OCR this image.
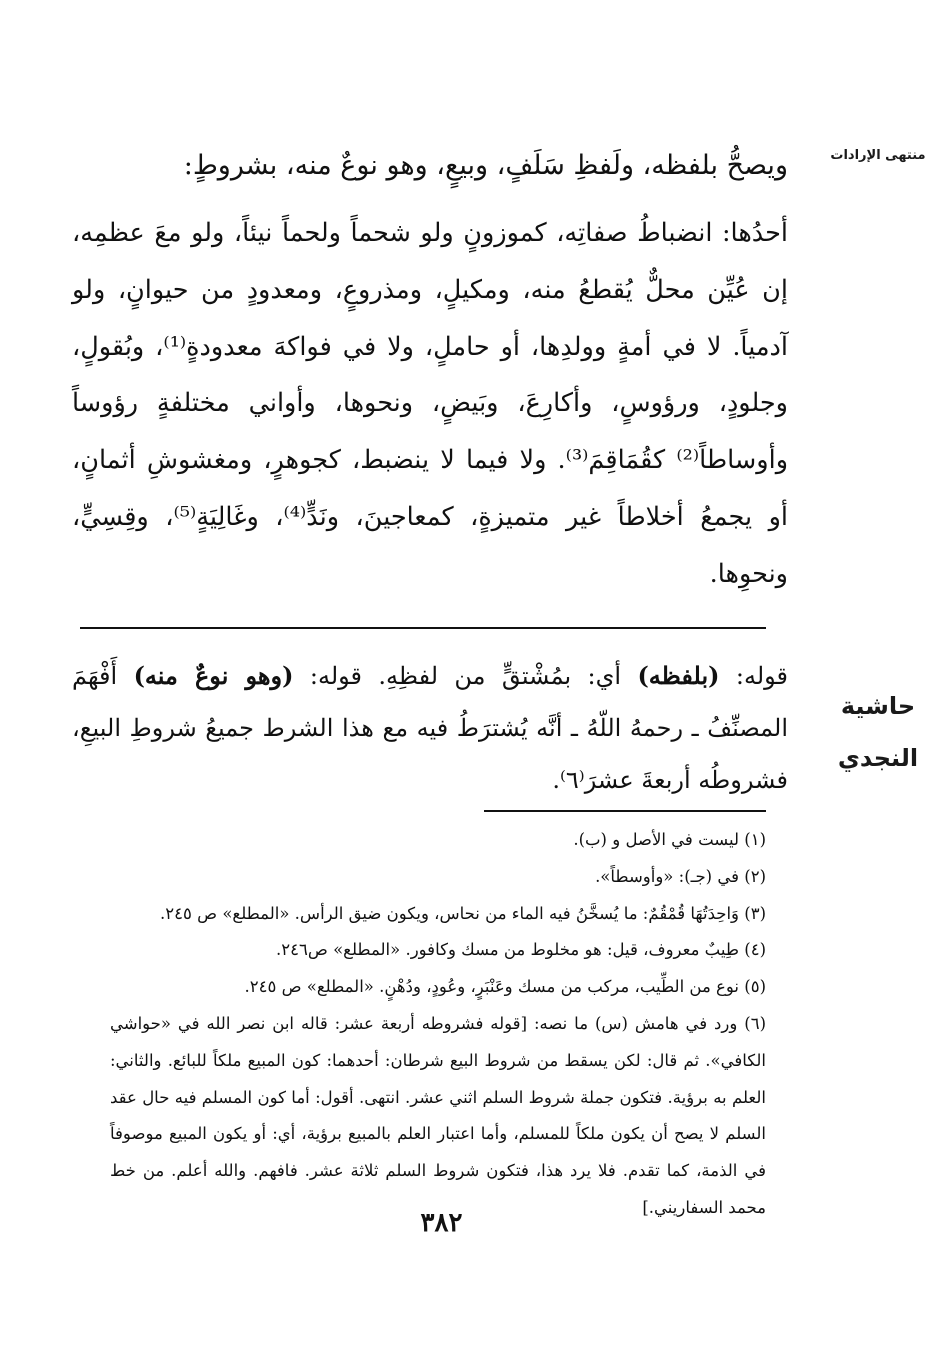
منتهى الإرادات
حاشية النجدي

ويصحُّ بلفظه، ولَفظِ سَلَفٍ، وبيعٍ، وهو نوعٌ منه، بشروطٍ:

أحدُها: انضباطُ صفاتِه، كموزونٍ ولو شحماً ولحماً نيئاً، ولو معَ عظمِه، إن عُيِّن محلٌّ يُقطعُ منه، ومكيلٍ، ومذروعٍ، ومعدودٍ من حيوانٍ، ولو آدمياً. لا في أمةٍ وولدِها، أو حاملٍ، ولا في فواكهَ معدودةٍ⁽¹⁾، وبُقولٍ، وجلودٍ، ورؤوسٍ، وأكارِعَ، وبَيضٍ، ونحوها، وأواني مختلفةٍ رؤوساً وأوساطاً⁽²⁾ كقُمَاقِمَ⁽³⁾. ولا فيما لا ينضبط، كجوهرٍ، ومغشوشِ أثمانٍ، أو يجمعُ أخلاطاً غير متميزةٍ، كمعاجينَ، ونَدٍّ⁽⁴⁾، وغَالِيَةٍ⁽⁵⁾، وقِسِيٍّ، ونحوِها.

قوله: (بلفظه) أي: بمُشْتقٍّ من لفظِهِ. قوله: (وهو نوعٌ منه) أَفْهَمَ المصنِّفُ ـ رحمهُ اللّهُ ـ أنَّه يُشترَطُ فيه مع هذا الشرط جميعُ شروطِ البيعِ، فشروطُه أربعةَ عشرَ⁽٦⁾.

(١) ليست في الأصل و (ب).

(٢) في (جـ): «وأوسطاً».

(٣) وَاحِدَتُهَا قُمْقُمٌ: ما يُسخَّنُ فيه الماء من نحاس، ويكون ضيق الرأس. «المطلع» ص ٢٤٥.

(٤) طِيبٌ معروف، قيل: هو مخلوط من مسك وكافور. «المطلع» ص٢٤٦.

(٥) نوع من الطِّيب، مركب من مسك وعَنْبَرٍ، وعُودٍ، ودُهْنٍ. «المطلع» ص ٢٤٥.

(٦) ورد في هامش (س) ما نصه: [قوله فشروطه أربعة عشر: قاله ابن نصر الله في «حواشي الكافي». ثم قال: لكن يسقط من شروط البيع شرطان: أحدهما: كون المبيع ملكاً للبائع. والثاني: العلم به برؤية. فتكون جملة شروط السلم اثني عشر. انتهى. أقول: أما كون المسلم فيه حال عقد السلم لا يصح أن يكون ملكاً للمسلم، وأما اعتبار العلم بالمبيع برؤية، أي: أو يكون المبيع موصوفاً في الذمة، كما تقدم. فلا يرد هذا، فتكون شروط السلم ثلاثة عشر. فافهم. والله أعلم. من خط محمد السفاريني.]

٣٨٢
